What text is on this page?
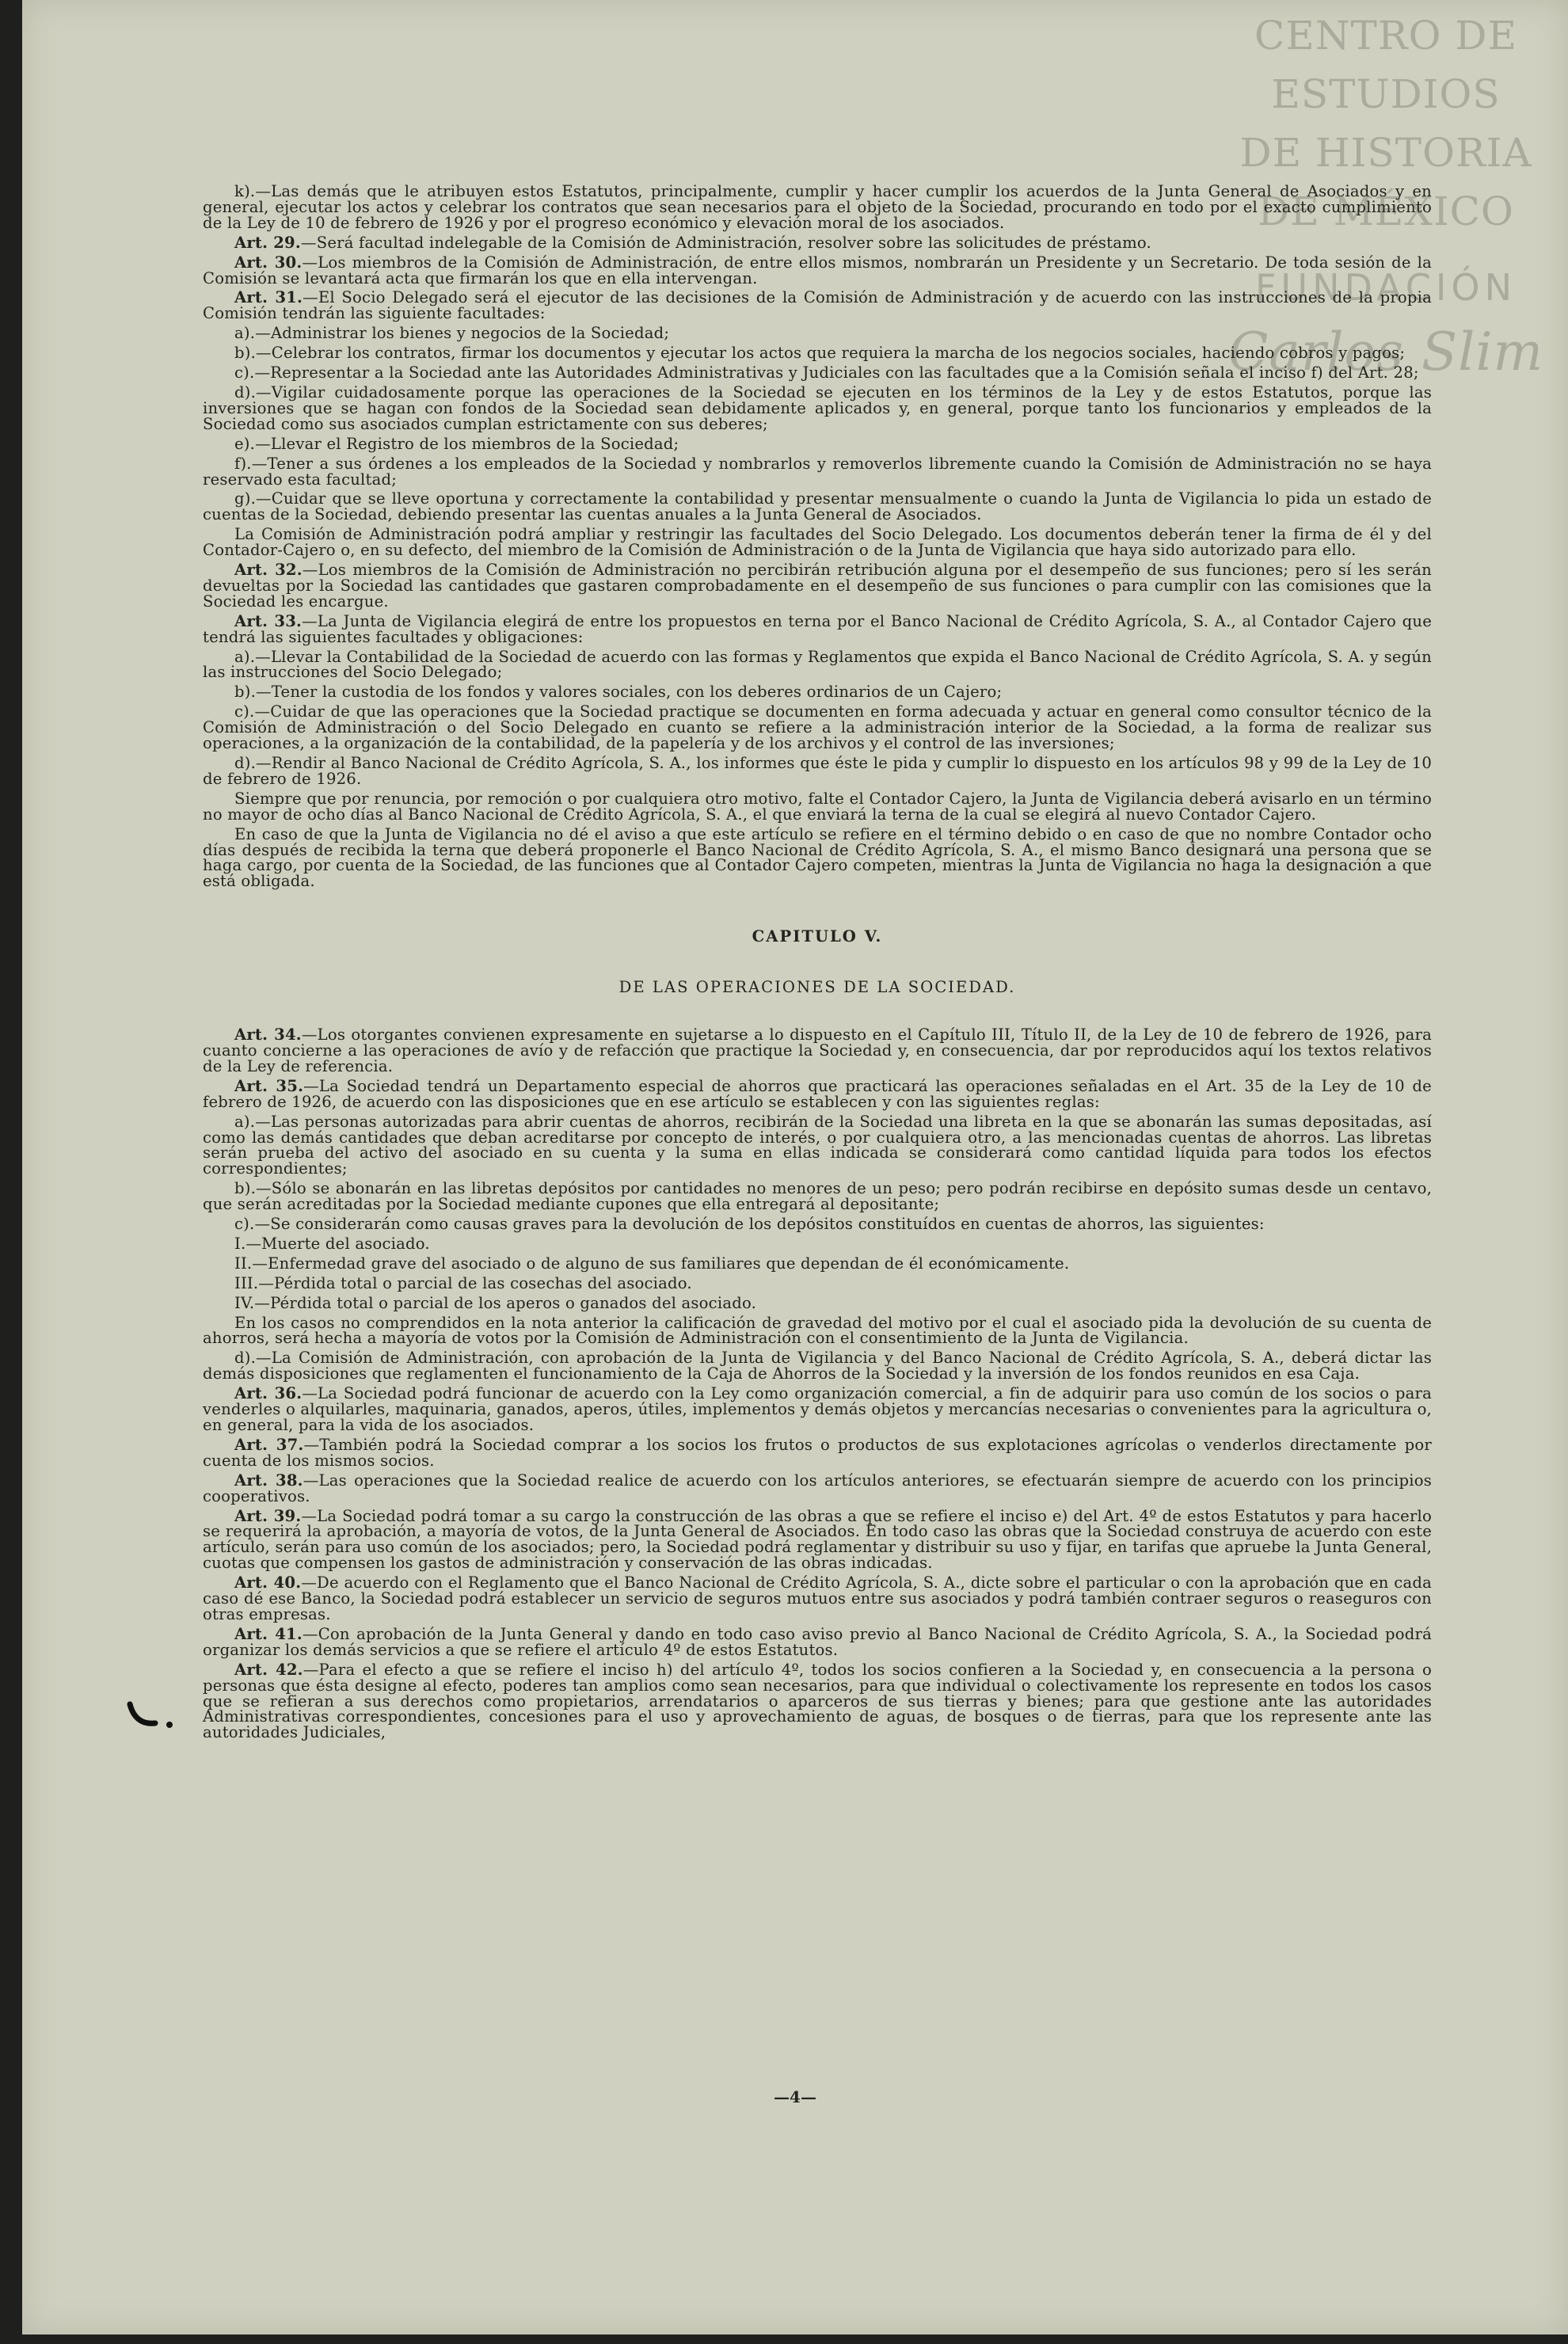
CENTRO DE
ESTUDIOS
DE HISTORIA
DE MÉXICO
FUNDACIÓN
Carlos Slim

k).—Las demás que le atribuyen estos Estatutos, principalmente, cumplir y hacer cumplir los acuerdos de la Junta General de Asociados y en general, ejecutar los actos y celebrar los contratos que sean necesarios para el objeto de la Sociedad, procurando en todo por el exacto cumplimiento de la Ley de 10 de febrero de 1926 y por el progreso económico y elevación moral de los asociados.

Art. 29.—Será facultad indelegable de la Comisión de Administración, resolver sobre las solicitudes de préstamo.

Art. 30.—Los miembros de la Comisión de Administración, de entre ellos mismos, nombrarán un Presidente y un Secretario. De toda sesión de la Comisión se levantará acta que firmarán los que en ella intervengan.

Art. 31.—El Socio Delegado será el ejecutor de las decisiones de la Comisión de Administración y de acuerdo con las instrucciones de la propia Comisión tendrán las siguiente facultades:

a).—Administrar los bienes y negocios de la Sociedad;

b).—Celebrar los contratos, firmar los documentos y ejecutar los actos que requiera la marcha de los negocios sociales, haciendo cobros y pagos;

c).—Representar a la Sociedad ante las Autoridades Administrativas y Judiciales con las facultades que a la Comisión señala el inciso f) del Art. 28;

d).—Vigilar cuidadosamente porque las operaciones de la Sociedad se ejecuten en los términos de la Ley y de estos Estatutos, porque las inversiones que se hagan con fondos de la Sociedad sean debidamente aplicados y, en general, porque tanto los funcionarios y empleados de la Sociedad como sus asociados cumplan estrictamente con sus deberes;

e).—Llevar el Registro de los miembros de la Sociedad;

f).—Tener a sus órdenes a los empleados de la Sociedad y nombrarlos y removerlos libremente cuando la Comisión de Administración no se haya reservado esta facultad;

g).—Cuidar que se lleve oportuna y correctamente la contabilidad y presentar mensualmente o cuando la Junta de Vigilancia lo pida un estado de cuentas de la Sociedad, debiendo presentar las cuentas anuales a la Junta General de Asociados.

La Comisión de Administración podrá ampliar y restringir las facultades del Socio Delegado. Los documentos deberán tener la firma de él y del Contador-Cajero o, en su defecto, del miembro de la Comisión de Administración o de la Junta de Vigilancia que haya sido autorizado para ello.

Art. 32.—Los miembros de la Comisión de Administración no percibirán retribución alguna por el desempeño de sus funciones; pero sí les serán devueltas por la Sociedad las cantidades que gastaren comprobadamente en el desempeño de sus funciones o para cumplir con las comisiones que la Sociedad les encargue.

Art. 33.—La Junta de Vigilancia elegirá de entre los propuestos en terna por el Banco Nacional de Crédito Agrícola, S. A., al Contador Cajero que tendrá las siguientes facultades y obligaciones:

a).—Llevar la Contabilidad de la Sociedad de acuerdo con las formas y Reglamentos que expida el Banco Nacional de Crédito Agrícola, S. A. y según las instrucciones del Socio Delegado;

b).—Tener la custodia de los fondos y valores sociales, con los deberes ordinarios de un Cajero;

c).—Cuidar de que las operaciones que la Sociedad practique se documenten en forma adecuada y actuar en general como consultor técnico de la Comisión de Administración o del Socio Delegado en cuanto se refiere a la administración interior de la Sociedad, a la forma de realizar sus operaciones, a la organización de la contabilidad, de la papelería y de los archivos y el control de las inversiones;

d).—Rendir al Banco Nacional de Crédito Agrícola, S. A., los informes que éste le pida y cumplir lo dispuesto en los artículos 98 y 99 de la Ley de 10 de febrero de 1926.

Siempre que por renuncia, por remoción o por cualquiera otro motivo, falte el Contador Cajero, la Junta de Vigilancia deberá avisarlo en un término no mayor de ocho días al Banco Nacional de Crédito Agrícola, S. A., el que enviará la terna de la cual se elegirá al nuevo Contador Cajero.

En caso de que la Junta de Vigilancia no dé el aviso a que este artículo se refiere en el término debido o en caso de que no nombre Contador ocho días después de recibida la terna que deberá proponerle el Banco Nacional de Crédito Agrícola, S. A., el mismo Banco designará una persona que se haga cargo, por cuenta de la Sociedad, de las funciones que al Contador Cajero competen, mientras la Junta de Vigilancia no haga la designación a que está obligada.

CAPITULO V.

DE LAS OPERACIONES DE LA SOCIEDAD.

Art. 34.—Los otorgantes convienen expresamente en sujetarse a lo dispuesto en el Capítulo III, Título II, de la Ley de 10 de febrero de 1926, para cuanto concierne a las operaciones de avío y de refacción que practique la Sociedad y, en consecuencia, dar por reproducidos aquí los textos relativos de la Ley de referencia.

Art. 35.—La Sociedad tendrá un Departamento especial de ahorros que practicará las operaciones señaladas en el Art. 35 de la Ley de 10 de febrero de 1926, de acuerdo con las disposiciones que en ese artículo se establecen y con las siguientes reglas:

a).—Las personas autorizadas para abrir cuentas de ahorros, recibirán de la Sociedad una libreta en la que se abonarán las sumas depositadas, así como las demás cantidades que deban acreditarse por concepto de interés, o por cualquiera otro, a las mencionadas cuentas de ahorros. Las libretas serán prueba del activo del asociado en su cuenta y la suma en ellas indicada se considerará como cantidad líquida para todos los efectos correspondientes;

b).—Sólo se abonarán en las libretas depósitos por cantidades no menores de un peso; pero podrán recibirse en depósito sumas desde un centavo, que serán acreditadas por la Sociedad mediante cupones que ella entregará al depositante;

c).—Se considerarán como causas graves para la devolución de los depósitos constituídos en cuentas de ahorros, las siguientes:

I.—Muerte del asociado.

II.—Enfermedad grave del asociado o de alguno de sus familiares que dependan de él económicamente.

III.—Pérdida total o parcial de las cosechas del asociado.

IV.—Pérdida total o parcial de los aperos o ganados del asociado.

En los casos no comprendidos en la nota anterior la calificación de gravedad del motivo por el cual el asociado pida la devolución de su cuenta de ahorros, será hecha a mayoría de votos por la Comisión de Administración con el consentimiento de la Junta de Vigilancia.

d).—La Comisión de Administración, con aprobación de la Junta de Vigilancia y del Banco Nacional de Crédito Agrícola, S. A., deberá dictar las demás disposiciones que reglamenten el funcionamiento de la Caja de Ahorros de la Sociedad y la inversión de los fondos reunidos en esa Caja.

Art. 36.—La Sociedad podrá funcionar de acuerdo con la Ley como organización comercial, a fin de adquirir para uso común de los socios o para venderles o alquilarles, maquinaria, ganados, aperos, útiles, implementos y demás objetos y mercancías necesarias o convenientes para la agricultura o, en general, para la vida de los asociados.

Art. 37.—También podrá la Sociedad comprar a los socios los frutos o productos de sus explotaciones agrícolas o venderlos directamente por cuenta de los mismos socios.

Art. 38.—Las operaciones que la Sociedad realice de acuerdo con los artículos anteriores, se efectuarán siempre de acuerdo con los principios cooperativos.

Art. 39.—La Sociedad podrá tomar a su cargo la construcción de las obras a que se refiere el inciso e) del Art. 4º de estos Estatutos y para hacerlo se requerirá la aprobación, a mayoría de votos, de la Junta General de Asociados. En todo caso las obras que la Sociedad construya de acuerdo con este artículo, serán para uso común de los asociados; pero, la Sociedad podrá reglamentar y distribuir su uso y fijar, en tarifas que apruebe la Junta General, cuotas que compensen los gastos de administración y conservación de las obras indicadas.

Art. 40.—De acuerdo con el Reglamento que el Banco Nacional de Crédito Agrícola, S. A., dicte sobre el particular o con la aprobación que en cada caso dé ese Banco, la Sociedad podrá establecer un servicio de seguros mutuos entre sus asociados y podrá también contraer seguros o reaseguros con otras empresas.

Art. 41.—Con aprobación de la Junta General y dando en todo caso aviso previo al Banco Nacional de Crédito Agrícola, S. A., la Sociedad podrá organizar los demás servicios a que se refiere el artículo 4º de estos Estatutos.

Art. 42.—Para el efecto a que se refiere el inciso h) del artículo 4º, todos los socios confieren a la Sociedad y, en consecuencia a la persona o personas que ésta designe al efecto, poderes tan amplios como sean necesarios, para que individual o colectivamente los represente en todos los casos que se refieran a sus derechos como propietarios, arrendatarios o aparceros de sus tierras y bienes; para que gestione ante las autoridades Administrativas correspondientes, concesiones para el uso y aprovechamiento de aguas, de bosques o de tierras, para que los represente ante las autoridades Judiciales,

—4—
